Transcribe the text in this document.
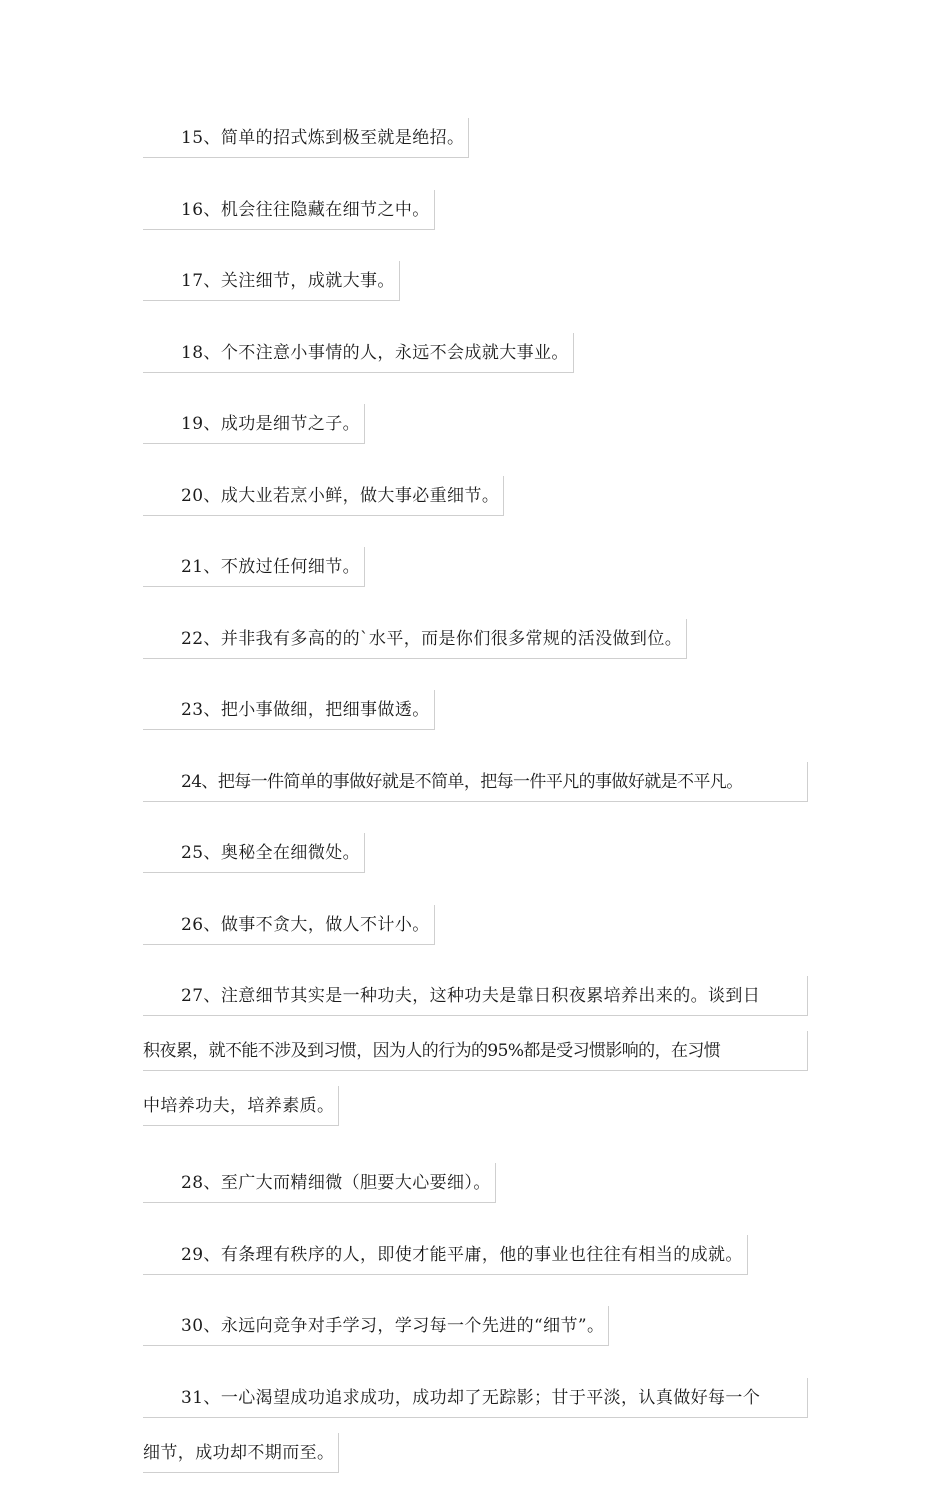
15、简单的招式炼到极至就是绝招。
16、机会往往隐藏在细节之中。
17、关注细节，成就大事。
18、个不注意小事情的人，永远不会成就大事业。
19、成功是细节之子。
20、成大业若烹小鲜，做大事必重细节。
21、不放过任何细节。
22、并非我有多高的的`水平，而是你们很多常规的活没做到位。
23、把小事做细，把细事做透。
24、把每一件简单的事做好就是不简单，把每一件平凡的事做好就是不平凡。
25、奥秘全在细微处。
26、做事不贪大，做人不计小。
27、注意细节其实是一种功夫，这种功夫是靠日积夜累培养出来的。谈到日
积夜累，就不能不涉及到习惯，因为人的行为的95%都是受习惯影响的，在习惯
中培养功夫，培养素质。
28、至广大而精细微（胆要大心要细）。
29、有条理有秩序的人，即使才能平庸，他的事业也往往有相当的成就。
30、永远向竞争对手学习，学习每一个先进的“细节”。
31、一心渴望成功追求成功，成功却了无踪影；甘于平淡，认真做好每一个
细节，成功却不期而至。
